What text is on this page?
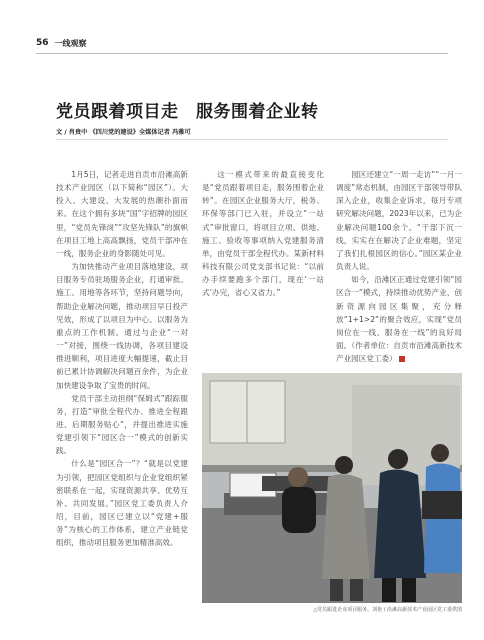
56 一线观察
党员跟着项目走　服务围着企业转
文 / 肖贵中 《四川党的建设》全媒体记者 冯雅可

1月5日，记者走进自贡市沿滩高新技术产业园区（以下简称“园区”）。大投入、大建设、大发展的热潮扑面而来。在这个拥有多块“国”字招牌的园区里，“党员先锋岗”“攻坚先锋队”的旗帜在项目工地上高高飘扬，党员干部冲在一线，服务企业的身影随处可见。

为加快推动产业项目落地建设，项目服务专员驻场服务企业，打通审批、施工、用地等各环节，坚持问题导向，帮助企业解决问题，推动项目早日投产见效，形成了以项目为中心、以服务为重点的工作机制。通过与企业“一对一”对接，围绕一线协调，各项目建设推进顺利，项目进度大幅提速，截止目前已累计协调解决问题百余件，为企业加快建设争取了宝贵的时间。

党员干部主动担纲“保姆式”跟踪服务，打造“审批全程代办、推进全程跟进、后期服务贴心”，并提出推进实施党建引领下“园区合一”模式的创新实践。

什么是“园区合一”？“就是以党建为引领，把园区党组织与企业党组织紧密联系在一起，实现资源共享、优势互补、共同发展。”园区党工委负责人介绍，目前，园区已建立以“党建+服务”为核心的工作体系，建立产业链党组织，推动项目服务更加精准高效。

这一模式带来的最直接变化是“党员跟着项目走，服务围着企业转”。在园区企业服务大厅，税务、环保等部门已入驻，并设立“一站式”审批窗口，将项目立项、供地、施工、验收等事项纳入党建服务清单，由党员干部全程代办。某新材料科技有限公司党支部书记说：“以前办手续要跑多个部门，现在‘一站式’办完，省心又省力。”

园区还建立“一周一走访”“一月一调度”常态机制，由园区干部领导带队深入企业，收集企业诉求，每月专项研究解决问题，2023年以来，已为企业解决问题100余个。“干部下沉一线，实实在在解决了企业难题，坚定了我们扎根园区的信心。”园区某企业负责人说。

如今，沿滩区正通过党建引领“园区合一”模式，持续推动优势产业、创新资源向园区集聚，充分释放“1+1>2”的聚合效应，实现“党员岗位在一线、服务在一线”的良好局面。（作者单位：自贡市沿滩高新技术产业园区党工委）

△党员跟进企业项目服务。刘艳 / 沿滩高新技术产业园区党工委供图
